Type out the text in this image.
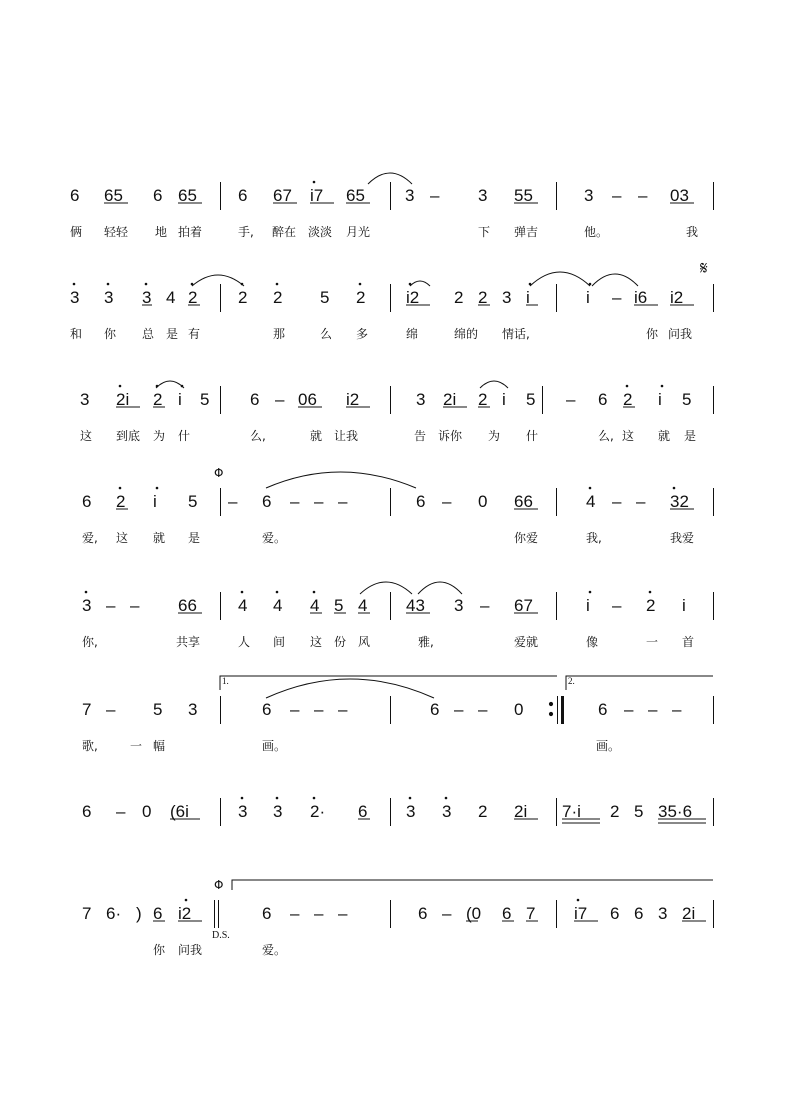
6 65 6 65 6 67 i7 65 3 – 3 55	3 – – 03
俩 轻轻 地 拍着	手, 醉在 淡淡 月光	下 弹吉	他。	我
3 3 3 4 2 2 2 5 2 i2 2 2 3 i	i – i6 i2
𝄋
和 你 总 是 有	那	么 多	绵	绵的 情话,	你 问我
3 2i 2 i 5 6 – 06 i2	3 2i 2 i 5 – 6 2 i 5
这 到底 为 什	么,	就 让我	告 诉你 为 什	么, 这 就 是
6 2 i 5 – 6 – – –	6 – 0 66	4 – – 32
Φ
爱, 这 就 是	爱。	你爱	我,	我爱
3 – – 66 4 4 4 5 4 43 3 – 67	i – 2 i
你,	共享	人 间 这 份 风	雅,	爱就	像	一 首
7 – 5 3	6 – – –	6 – – 0	6 – – –
1.	2.
歌,	一 幅	画。	画。
6 – 0 (6i	3 3 2· 6 3 3 2 2i 7·i 2 5 35·6
7 6· ) 6 i2	6 – – –	6 – (0 6 7 i7 6 6 3 2i
Φ
D.S.
你 问我	爱。
